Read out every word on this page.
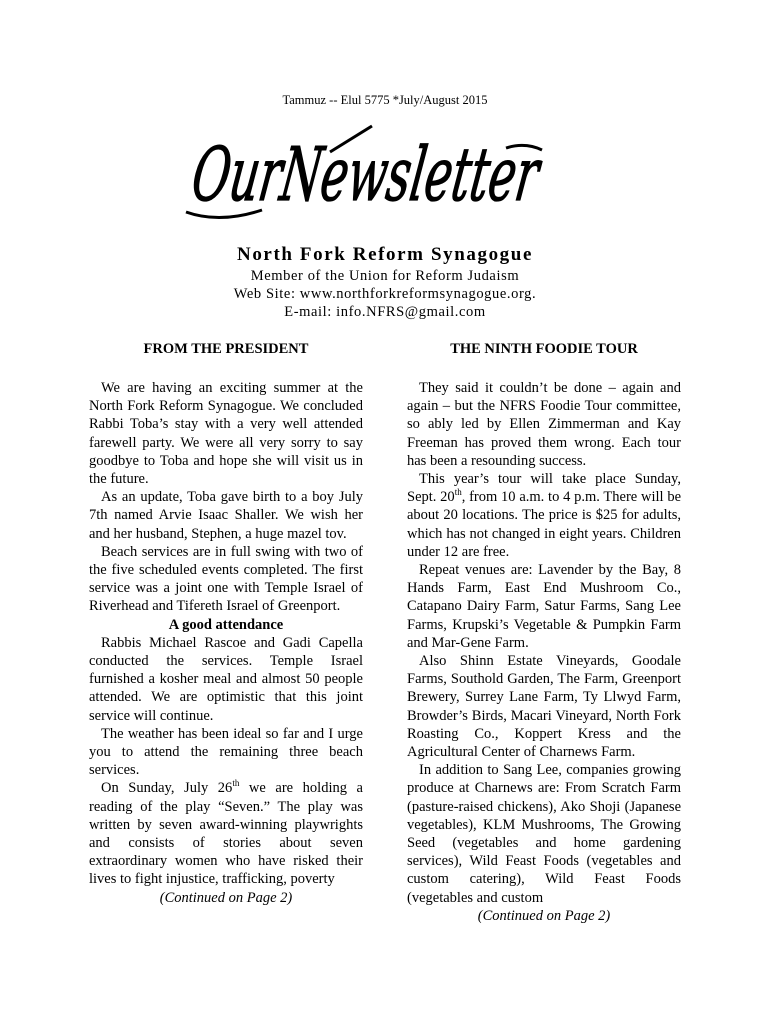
Tammuz -- Elul 5775 *July/August 2015
OurNewsletter
North Fork Reform Synagogue
Member of the Union for Reform Judaism
Web Site: www.northforkreformsynagogue.org.
E-mail: info.NFRS@gmail.com
FROM THE PRESIDENT

We are having an exciting summer at the North Fork Reform Synagogue. We concluded Rabbi Toba’s stay with a very well attended farewell party. We were all very sorry to say goodbye to Toba and hope she will visit us in the future.

As an update, Toba gave birth to a boy July 7th named Arvie Isaac Shaller. We wish her and her husband, Stephen, a huge mazel tov.

Beach services are in full swing with two of the five scheduled events completed. The first service was a joint one with Temple Israel of Riverhead and Tifereth Israel of Greenport.

A good attendance

Rabbis Michael Rascoe and Gadi Capella conducted the services. Temple Israel furnished a kosher meal and almost 50 people attended. We are optimistic that this joint service will continue.

The weather has been ideal so far and I urge you to attend the remaining three beach services.

On Sunday, July 26th we are holding a reading of the play “Seven.” The play was written by seven award-winning playwrights and consists of stories about seven extraordinary women who have risked their lives to fight injustice, trafficking, poverty

(Continued on Page 2)
THE NINTH FOODIE TOUR

They said it couldn’t be done – again and again – but the NFRS Foodie Tour committee, so ably led by Ellen Zimmerman and Kay Freeman has proved them wrong. Each tour has been a resounding success.

This year’s tour will take place Sunday, Sept. 20th, from 10 a.m. to 4 p.m. There will be about 20 locations. The price is $25 for adults, which has not changed in eight years. Children under 12 are free.

Repeat venues are: Lavender by the Bay, 8 Hands Farm, East End Mushroom Co., Catapano Dairy Farm, Satur Farms, Sang Lee Farms, Krupski’s Vegetable & Pumpkin Farm and Mar-Gene Farm.

Also Shinn Estate Vineyards, Goodale Farms, Southold Garden, The Farm, Greenport Brewery, Surrey Lane Farm, Ty Llwyd Farm, Browder’s Birds, Macari Vineyard, North Fork Roasting Co., Koppert Kress and the Agricultural Center of Charnews Farm.

In addition to Sang Lee, companies growing produce at Charnews are: From Scratch Farm (pasture-raised chickens), Ako Shoji (Japanese vegetables), KLM Mushrooms, The Growing Seed (vegetables and home gardening services), Wild Feast Foods (vegetables and custom catering), Wild Feast Foods (vegetables and custom

(Continued on Page 2)
